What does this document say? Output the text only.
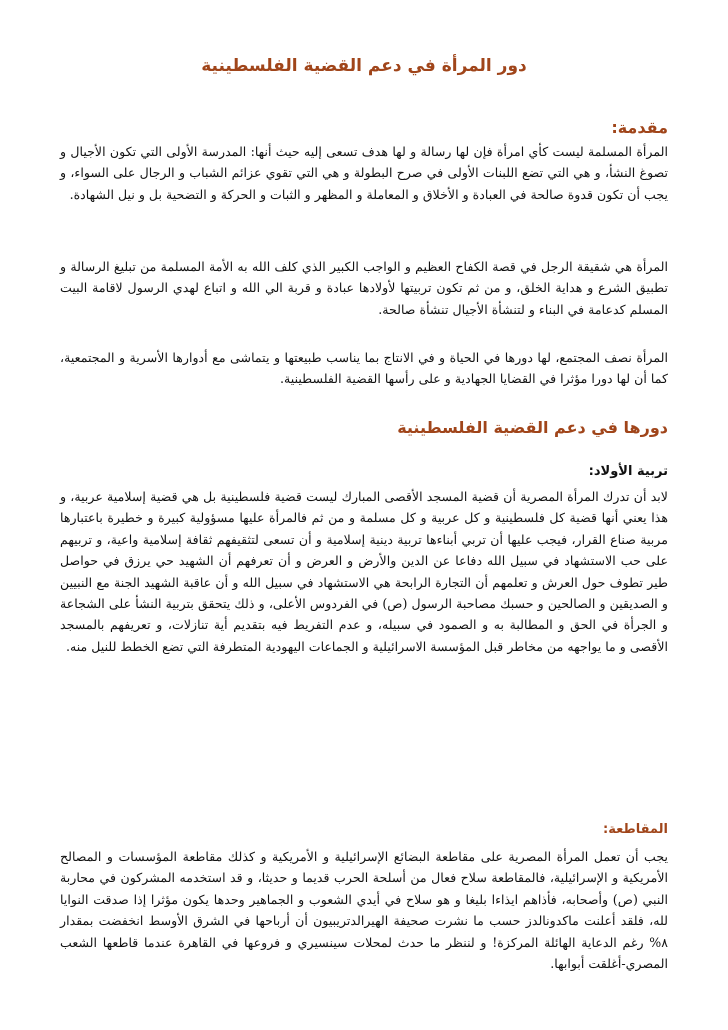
دور المرأة في دعم القضية الفلسطينية
مقدمة:

المرأة المسلمة ليست كأي امرأة فإن لها رسالة و لها هدف تسعى إليه حيث أنها: المدرسة الأولى التي تكون الأجيال و تصوغ النشأ، و هي التي تضع اللبنات الأولى في صرح البطولة و هي التي تقوي عزائم الشباب و الرجال على السواء، و يجب أن تكون قدوة صالحة في العبادة و الأخلاق و المعاملة و المظهر و الثبات و الحركة و التضحية بل و نيل الشهادة.

المرأة هي شقيقة الرجل في قصة الكفاح العظيم و الواجب الكبير الذي كلف الله به الأمة المسلمة من تبليغ الرسالة و تطبيق الشرع و هداية الخلق، و من ثم تكون تربيتها لأولادها عبادة و قربة الي الله و اتباع لهدي الرسول لاقامة البيت المسلم كدعامة في البناء و لتنشأة الأجيال تنشأة صالحة.

المرأة نصف المجتمع، لها دورها في الحياة و في الانتاج بما يناسب طبيعتها و يتماشى مع أدوارها الأسرية و المجتمعية، كما أن لها دورا مؤثرا في القضايا الجهادية و على رأسها القضية الفلسطينية.

دورها في دعم القضية الفلسطينية
تربية الأولاد:

لابد أن تدرك المرأة المصرية أن قضية المسجد الأقصى المبارك ليست قضية فلسطينية بل هي قضية إسلامية عربية، و هذا يعني أنها قضية كل فلسطينية و كل عربية و كل مسلمة و من ثم فالمرأة عليها مسؤولية كبيرة و خطيرة باعتبارها مربية صناع القرار، فيجب عليها أن تربي أبناءها تربية دينية إسلامية و أن تسعى لتثقيفهم ثقافة إسلامية واعية، و تربيهم على حب الاستشهاد في سبيل الله دفاعا عن الدين والأرض و العرض و أن تعرفهم أن الشهيد حي يرزق في حواصل طير تطوف حول العرش و تعلمهم أن التجارة الرابحة هي الاستشهاد في سبيل الله و أن عاقبة الشهيد الجنة مع النبيين و الصديقين و الصالحين و حسبك مصاحبة الرسول (ص) في الفردوس الأعلى، و ذلك يتحقق بتربية النشأ على الشجاعة و الجرأة في الحق و المطالبة به و الصمود في سبيله، و عدم التفريط فيه بتقديم أية تنازلات، و تعريفهم بالمسجد الأقصى و ما يواجهه من مخاطر قبل المؤسسة الاسرائيلية و الجماعات اليهودية المتطرفة التي تضع الخطط للنيل منه.

المقاطعة:

يجب أن تعمل المرأة المصرية على مقاطعة البضائع الإسرائيلية و الأمريكية و كذلك مقاطعة المؤسسات و المصالح الأمريكية و الإسرائيلية، فالمقاطعة سلاح فعال من أسلحة الحرب قديما و حديثا، و قد استخدمه المشركون في محاربة النبي (ص) وأصحابه، فأذاهم ايذاءا بليغا و هو سلاح في أيدي الشعوب و الجماهير وحدها يكون مؤثرا إذا صدقت النوايا لله، فلقد أعلنت ماكدونالدز حسب ما نشرت صحيفة الهيرالدتريبيون أن أرباحها في الشرق الأوسط انخفضت بمقدار ٨% رغم الدعاية الهائلة المركزة! و لننظر ما حدث لمحلات سينسيري و فروعها في القاهرة عندما قاطعها الشعب المصري-أغلقت أبوابها.
